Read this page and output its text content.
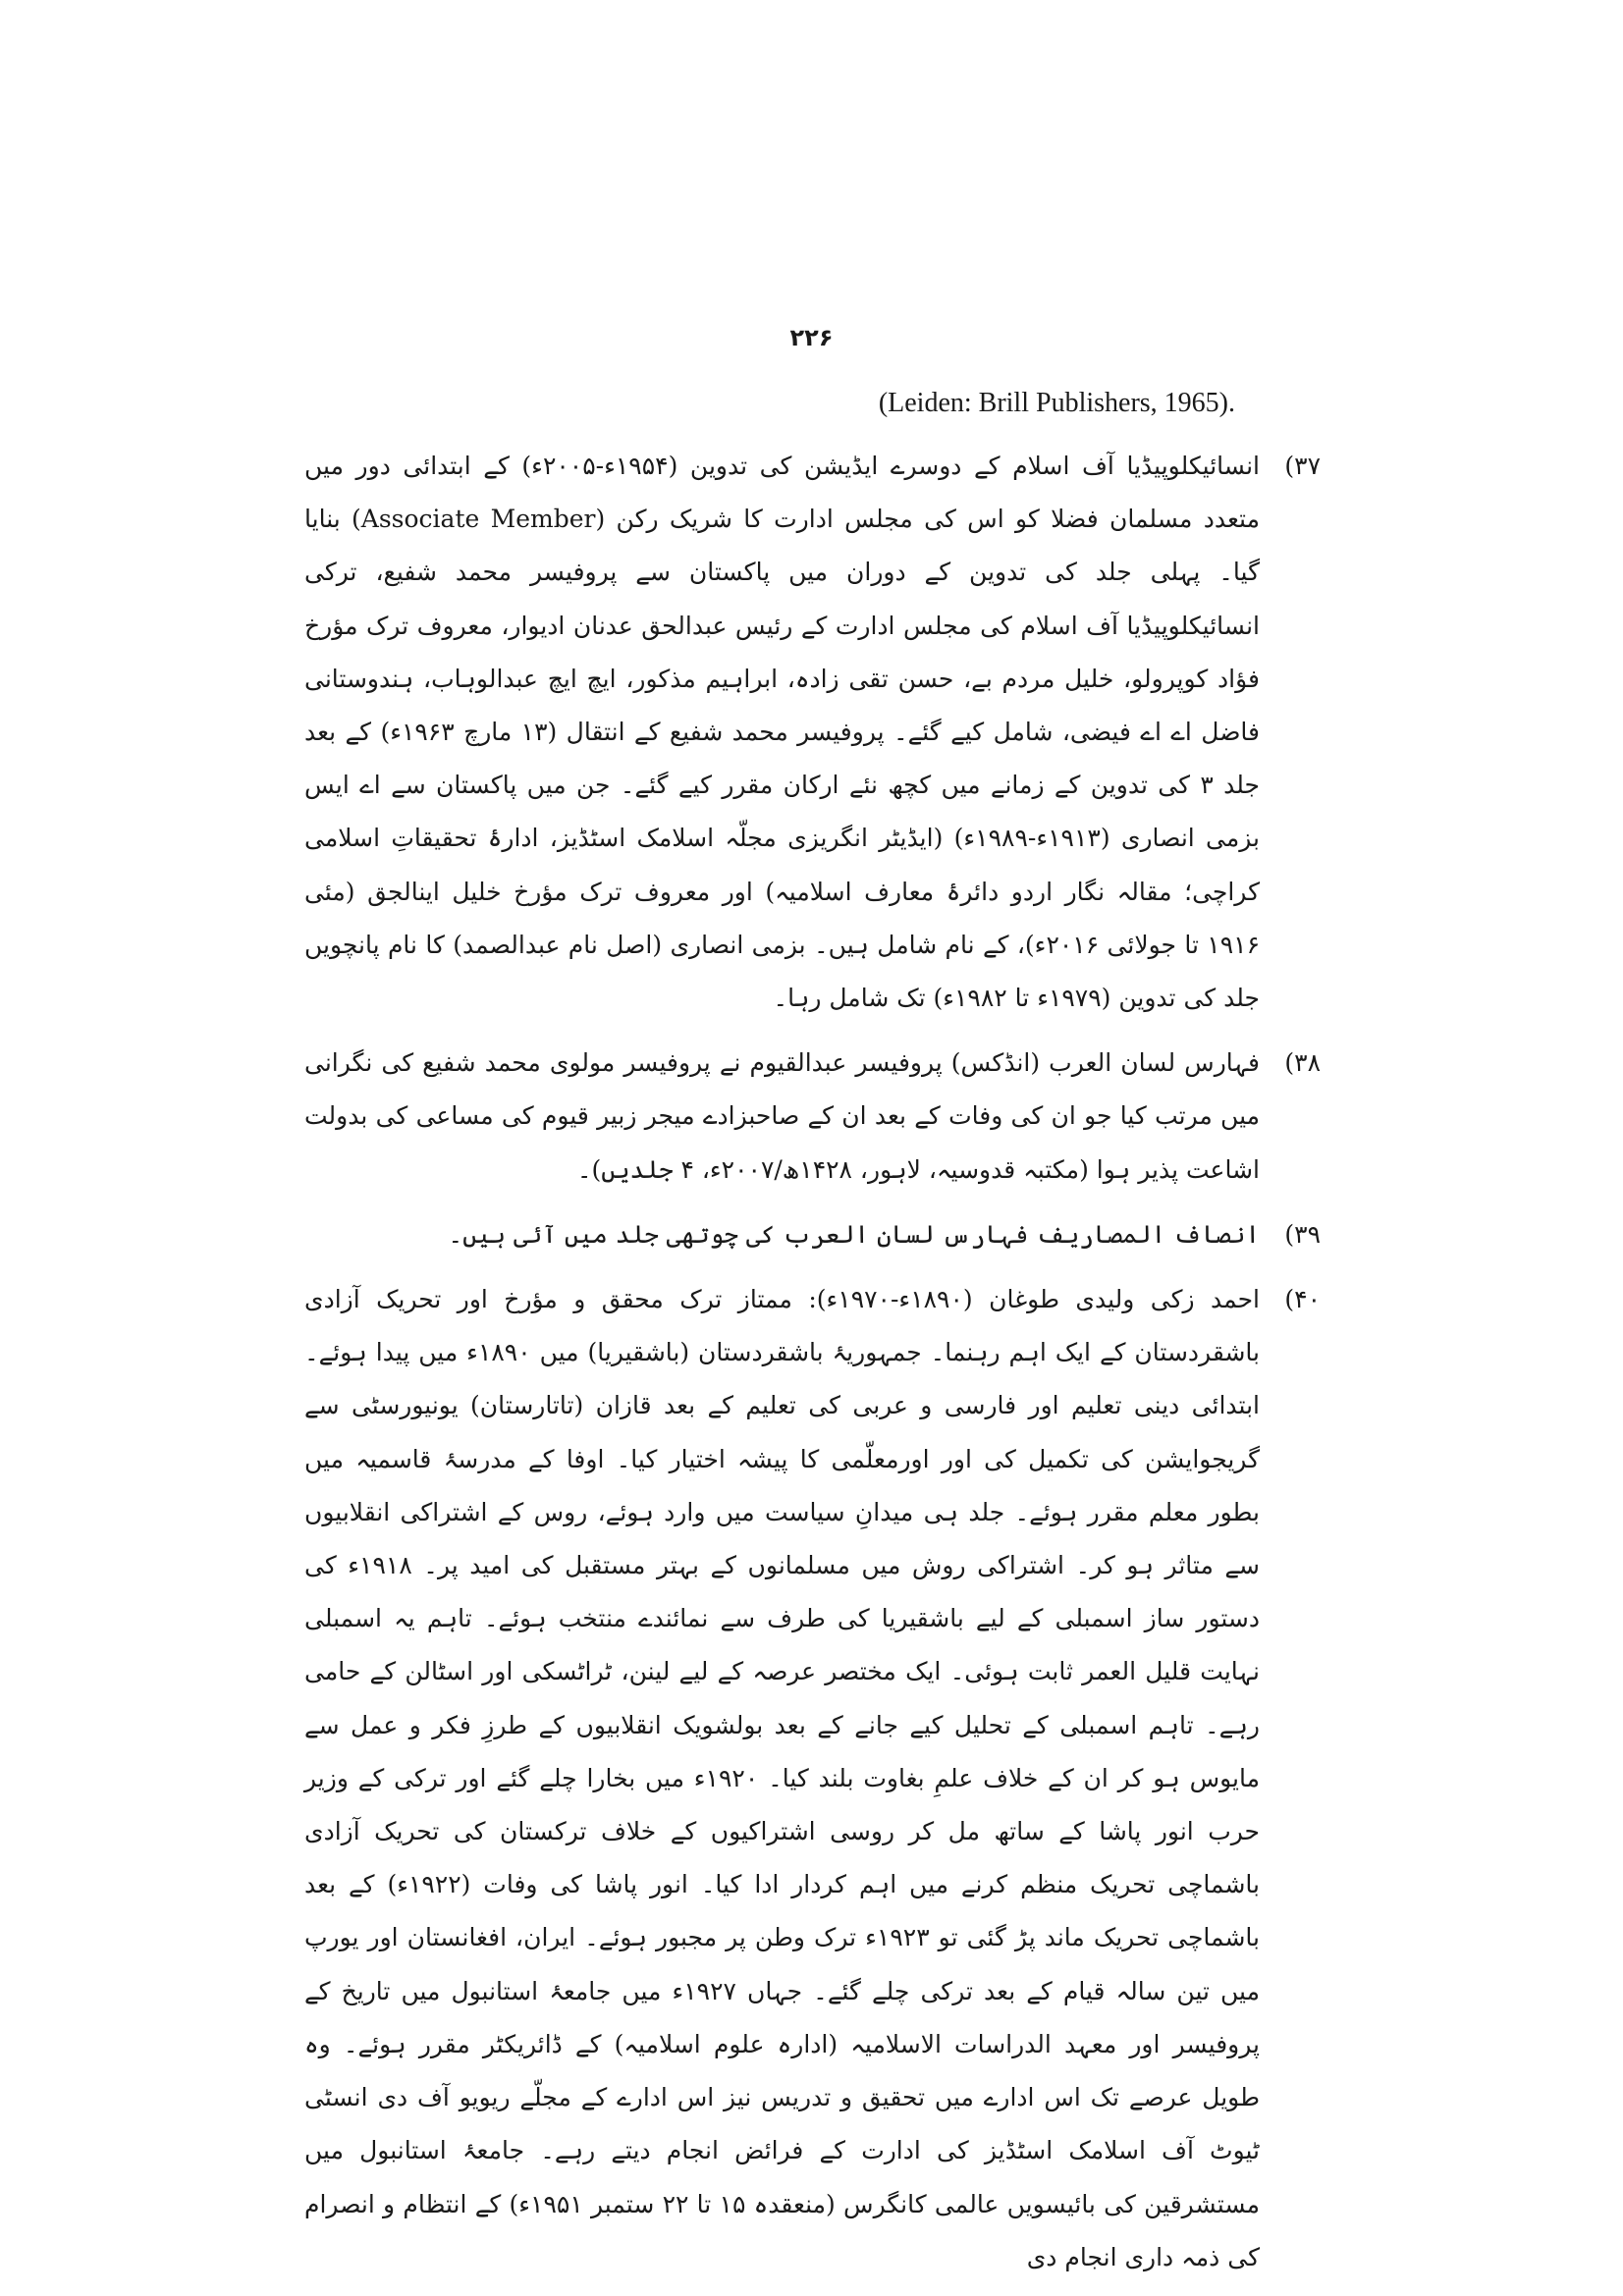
۲۲۶
(Leiden: Brill Publishers, 1965).
۳۷)
انسائیکلوپیڈیا آف اسلام کے دوسرے ایڈیشن کی تدوین (۱۹۵۴ء-۲۰۰۵ء) کے ابتدائی دور میں متعدد مسلمان فضلا کو اس کی مجلس ادارت کا شریک رکن (Associate Member) بنایا گیا۔ پہلی جلد کی تدوین کے دوران میں پاکستان سے پروفیسر محمد شفیع، ترکی انسائیکلوپیڈیا آف اسلام کی مجلس ادارت کے رئیس عبدالحق عدنان ادیوار، معروف ترک مؤرخ فؤاد کوپرولو، خلیل مردم بے، حسن تقی زادہ، ابراہیم مذکور، ایچ ایچ عبدالوہاب، ہندوستانی فاضل اے اے فیضی، شامل کیے گئے۔ پروفیسر محمد شفیع کے انتقال (۱۳ مارچ ۱۹۶۳ء) کے بعد جلد ۳ کی تدوین کے زمانے میں کچھ نئے ارکان مقرر کیے گئے۔ جن میں پاکستان سے اے ایس بزمی انصاری (۱۹۱۳ء-۱۹۸۹ء) (ایڈیٹر انگریزی مجلّہ اسلامک اسٹڈیز، ادارۂ تحقیقاتِ اسلامی کراچی؛ مقالہ نگار اردو دائرۂ معارف اسلامیہ) اور معروف ترک مؤرخ خلیل اینالجق (مئی ۱۹۱۶ تا جولائی ۲۰۱۶ء)، کے نام شامل ہیں۔ بزمی انصاری (اصل نام عبدالصمد) کا نام پانچویں جلد کی تدوین (۱۹۷۹ء تا ۱۹۸۲ء) تک شامل رہا۔
۳۸)
فہارس لسان العرب (انڈکس) پروفیسر عبدالقیوم نے پروفیسر مولوی محمد شفیع کی نگرانی میں مرتب کیا جو ان کی وفات کے بعد ان کے صاحبزادے میجر زبیر قیوم کی مساعی کی بدولت اشاعت پذیر ہوا (مکتبہ قدوسیہ، لاہور، ۱۴۲۸ھ/۲۰۰۷ء، ۴ جلدیں)۔
۳۹)
انصاف المصاریف فہارس لسان العرب کی چوتھی جلد میں آئی ہیں۔
۴۰)
احمد زکی ولیدی طوغان (۱۸۹۰ء-۱۹۷۰ء): ممتاز ترک محقق و مؤرخ اور تحریک آزادی باشقردستان کے ایک اہم رہنما۔ جمہوریۂ باشقردستان (باشقیریا) میں ۱۸۹۰ء میں پیدا ہوئے۔ ابتدائی دینی تعلیم اور فارسی و عربی کی تعلیم کے بعد قازان (تاتارستان) یونیورسٹی سے گریجوایشن کی تکمیل کی اور اورمعلّمی کا پیشہ اختیار کیا۔ اوفا کے مدرسۂ قاسمیہ میں بطور معلم مقرر ہوئے۔ جلد ہی میدانِ سیاست میں وارد ہوئے، روس کے اشتراکی انقلابیوں سے متاثر ہو کر۔ اشتراکی روش میں مسلمانوں کے بہتر مستقبل کی امید پر۔ ۱۹۱۸ء کی دستور ساز اسمبلی کے لیے باشقیریا کی طرف سے نمائندے منتخب ہوئے۔ تاہم یہ اسمبلی نہایت قلیل العمر ثابت ہوئی۔ ایک مختصر عرصہ کے لیے لینن، ٹراٹسکی اور اسٹالن کے حامی رہے۔ تاہم اسمبلی کے تحلیل کیے جانے کے بعد بولشویک انقلابیوں کے طرزِ فکر و عمل سے مایوس ہو کر ان کے خلاف علمِ بغاوت بلند کیا۔ ۱۹۲۰ء میں بخارا چلے گئے اور ترکی کے وزیر حرب انور پاشا کے ساتھ مل کر روسی اشتراکیوں کے خلاف ترکستان کی تحریک آزادی باشماچی تحریک منظم کرنے میں اہم کردار ادا کیا۔ انور پاشا کی وفات (۱۹۲۲ء) کے بعد باشماچی تحریک ماند پڑ گئی تو ۱۹۲۳ء ترک وطن پر مجبور ہوئے۔ ایران، افغانستان اور یورپ میں تین سالہ قیام کے بعد ترکی چلے گئے۔ جہاں ۱۹۲۷ء میں جامعۂ استانبول میں تاریخ کے پروفیسر اور معہد الدراسات الاسلامیہ (ادارہ علوم اسلامیہ) کے ڈائریکٹر مقرر ہوئے۔ وہ طویل عرصے تک اس ادارے میں تحقیق و تدریس نیز اس ادارے کے مجلّے ریویو آف دی انسٹی ٹیوٹ آف اسلامک اسٹڈیز کی ادارت کے فرائض انجام دیتے رہے۔ جامعۂ استانبول میں مستشرقین کی بائیسویں عالمی کانگرس (منعقدہ ۱۵ تا ۲۲ ستمبر ۱۹۵۱ء) کے انتظام و انصرام کی ذمہ داری انجام دی
